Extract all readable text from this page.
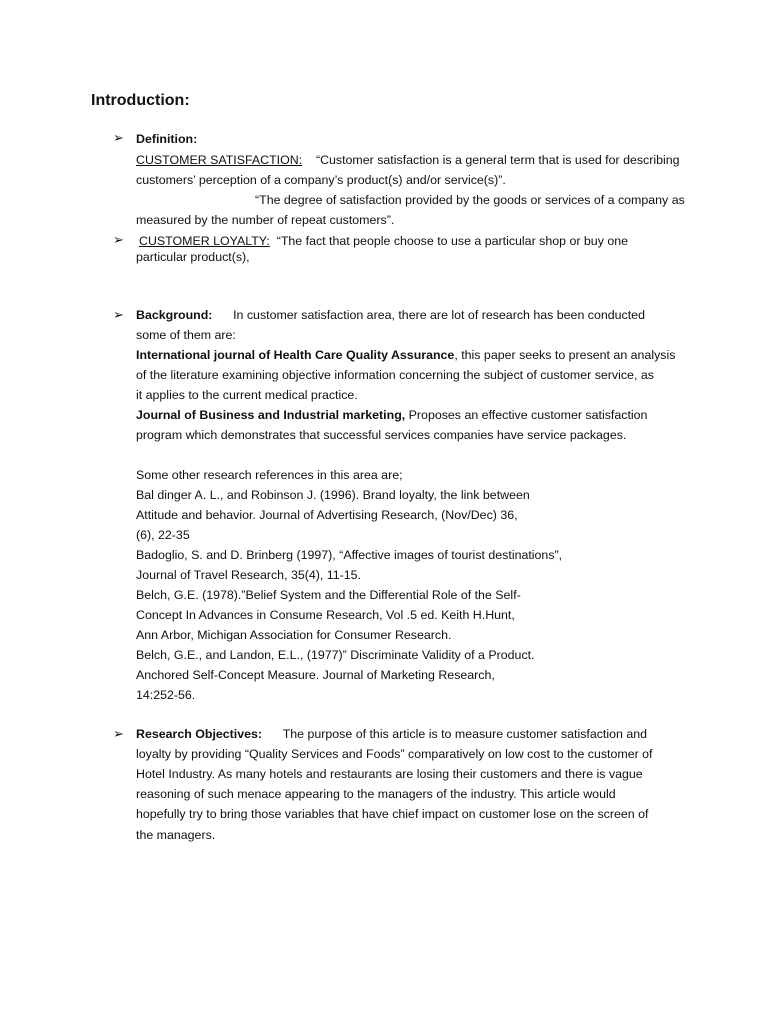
Introduction:
➢ Definition:
CUSTOMER SATISFACTION: “Customer satisfaction is a general term that is used for describing
customers’ perception of a company’s product(s) and/or service(s)”.
“The degree of satisfaction provided by the goods or services of a company as
measured by the number of repeat customers”.
➢ CUSTOMER LOYALTY: “The fact that people choose to use a particular shop or buy one
particular product(s),
➢ Background: In customer satisfaction area, there are lot of research has been conducted
some of them are:
International journal of Health Care Quality Assurance, this paper seeks to present an analysis
of the literature examining objective information concerning the subject of customer service, as
it applies to the current medical practice.
Journal of Business and Industrial marketing, Proposes an effective customer satisfaction
program which demonstrates that successful services companies have service packages.
Some other research references in this area are;
Bal dinger A. L., and Robinson J. (1996). Brand loyalty, the link between
Attitude and behavior. Journal of Advertising Research, (Nov/Dec) 36,
(6), 22-35
Badoglio, S. and D. Brinberg (1997), “Affective images of tourist destinations”,
Journal of Travel Research, 35(4), 11-15.
Belch, G.E. (1978).”Belief System and the Differential Role of the Self-
Concept In Advances in Consume Research, Vol .5 ed. Keith H.Hunt,
Ann Arbor, Michigan Association for Consumer Research.
Belch, G.E., and Landon, E.L., (1977)” Discriminate Validity of a Product.
Anchored Self-Concept Measure. Journal of Marketing Research,
14:252-56.
➢ Research Objectives: The purpose of this article is to measure customer satisfaction and
loyalty by providing “Quality Services and Foods” comparatively on low cost to the customer of
Hotel Industry. As many hotels and restaurants are losing their customers and there is vague
reasoning of such menace appearing to the managers of the industry. This article would
hopefully try to bring those variables that have chief impact on customer lose on the screen of
the managers.
